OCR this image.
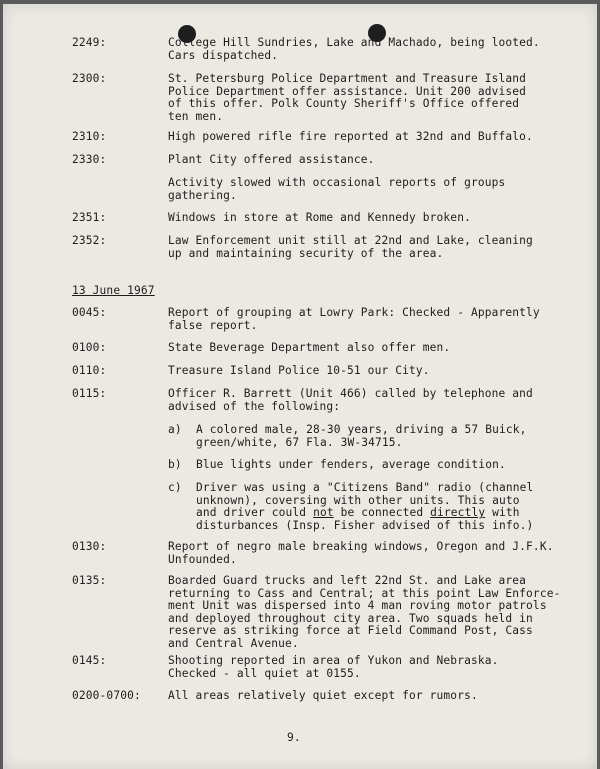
2249:	College Hill Sundries, Lake and Machado, being looted.
Cars dispatched.
2300:	St. Petersburg Police Department and Treasure Island
Police Department offer assistance. Unit 200 advised
of this offer. Polk County Sheriff's Office offered
ten men.
2310:	High powered rifle fire reported at 32nd and Buffalo.
2330:	Plant City offered assistance.
Activity slowed with occasional reports of groups
gathering.
2351:	Windows in store at Rome and Kennedy broken.
2352:	Law Enforcement unit still at 22nd and Lake, cleaning
up and maintaining security of the area.
13 June 1967
0045:	Report of grouping at Lowry Park: Checked - Apparently
false report.
0100:	State Beverage Department also offer men.
0110:	Treasure Island Police 10-51 our City.
0115:	Officer R. Barrett (Unit 466) called by telephone and
advised of the following:
a) A colored male, 28-30 years, driving a 57 Buick,
green/white, 67 Fla. 3W-34715.
b) Blue lights under fenders, average condition.
c) Driver was using a "Citizens Band" radio (channel
unknown), coversing with other units. This auto
and driver could not be connected directly with
disturbances (Insp. Fisher advised of this info.)
0130:	Report of negro male breaking windows, Oregon and J.F.K.
Unfounded.
0135:	Boarded Guard trucks and left 22nd St. and Lake area
returning to Cass and Central; at this point Law Enforce-
ment Unit was dispersed into 4 man roving motor patrols
and deployed throughout city area. Two squads held in
reserve as striking force at Field Command Post, Cass
and Central Avenue.
0145:	Shooting reported in area of Yukon and Nebraska.
Checked - all quiet at 0155.
0200-0700: All areas relatively quiet except for rumors.
9.
